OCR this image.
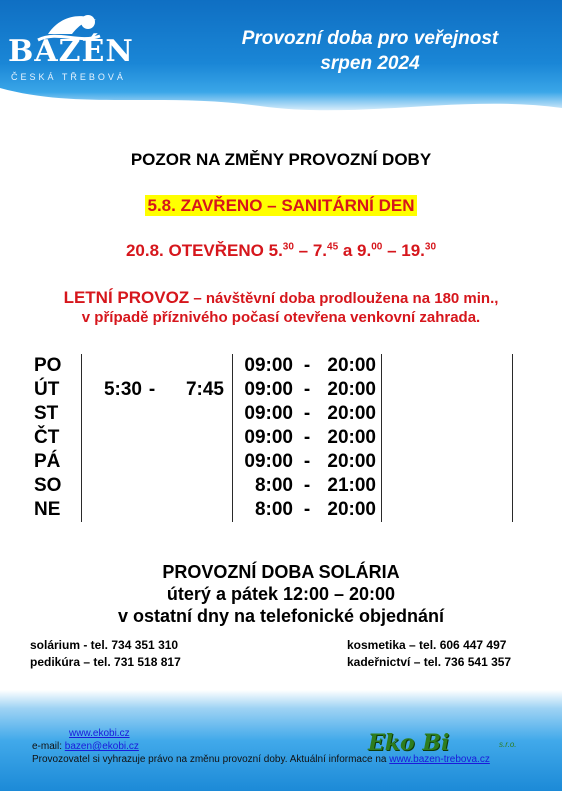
BAZÉN
ČESKÁ TŘEBOVÁ
Provozní doba pro veřejnost
srpen 2024
POZOR NA ZMĚNY PROVOZNÍ DOBY
5.8. ZAVŘENO – SANITÁRNÍ DEN
20.8. OTEVŘENO 5.30 – 7.45 a 9.00 – 19.30
LETNÍ PROVOZ – návštěvní doba prodloužena na 180 min.,
v případě příznivého počasí otevřena venkovní zahrada.
PO		09:00 - 20:00	
ÚT	5:30 - 7:45	09:00 - 20:00	
ST		09:00 - 20:00	
ČT		09:00 - 20:00	
PÁ		09:00 - 20:00	
SO		8:00 - 21:00	
NE		8:00 - 20:00	
PROVOZNÍ DOBA SOLÁRIA
úterý a pátek 12:00 – 20:00
v ostatní dny na telefonické objednání
solárium - tel. 734 351 310
pedikúra – tel. 731 518 817
kosmetika – tel. 606 447 497
kadeřnictví – tel. 736 541 357
www.ekobi.cz
e-mail: bazen@ekobi.cz	Eko Bi	s.r.o.
Provozovatel si vyhrazuje právo na změnu provozní doby. Aktuální informace na www.bazen-trebova.cz
